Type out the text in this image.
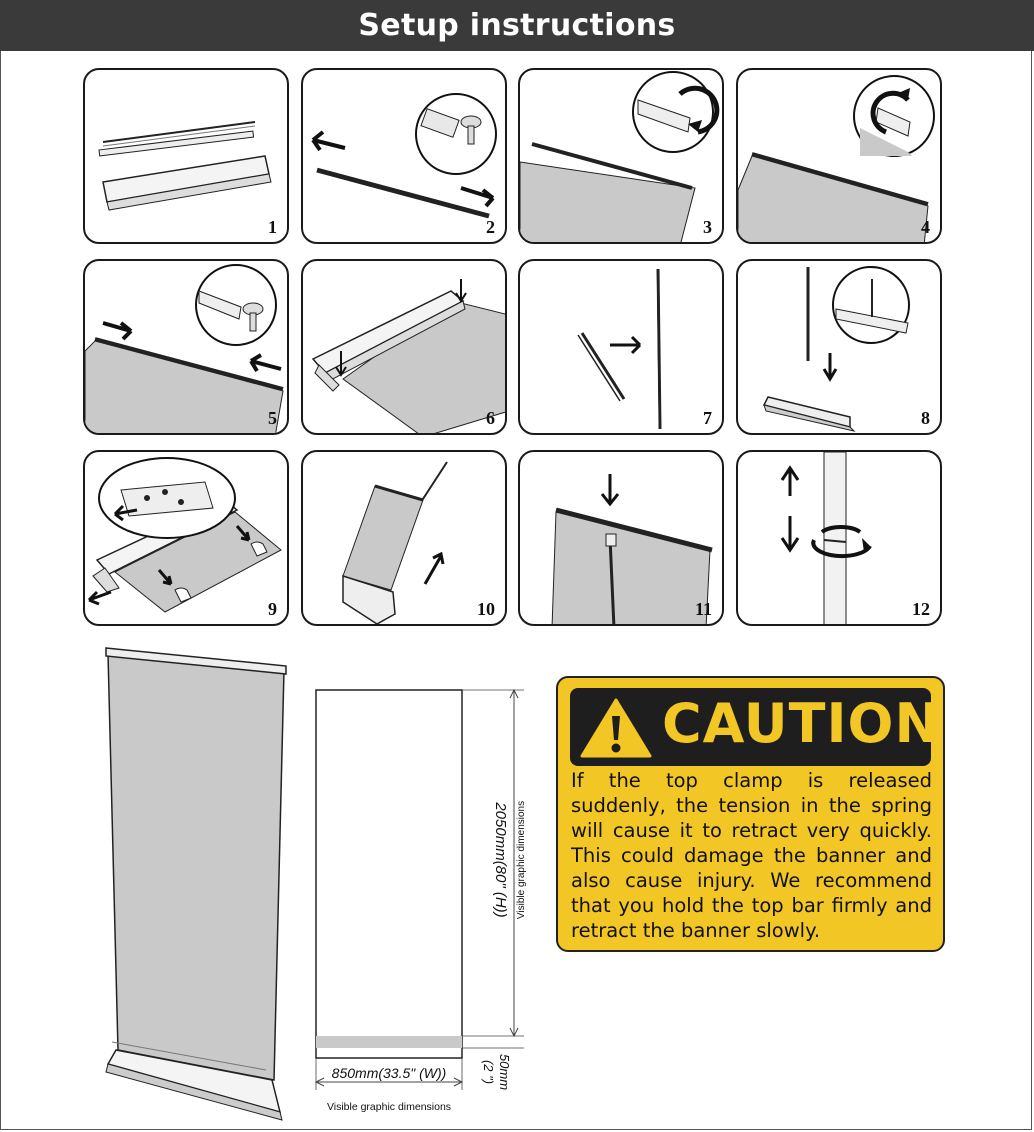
Setup instructions
1	2	3	4
5	6	7	8
9	10	11	12
2050mm(80" (H)) Visible graphic dimensions
850mm(33.5" (W))
Visible graphic dimensions
50mm
(2 ")
CAUTION
If the top clamp is released suddenly, the tension in the spring will cause it to retract very quickly. This could damage the banner and also cause injury. We recommend that you hold the top bar firmly and retract the banner slowly.
